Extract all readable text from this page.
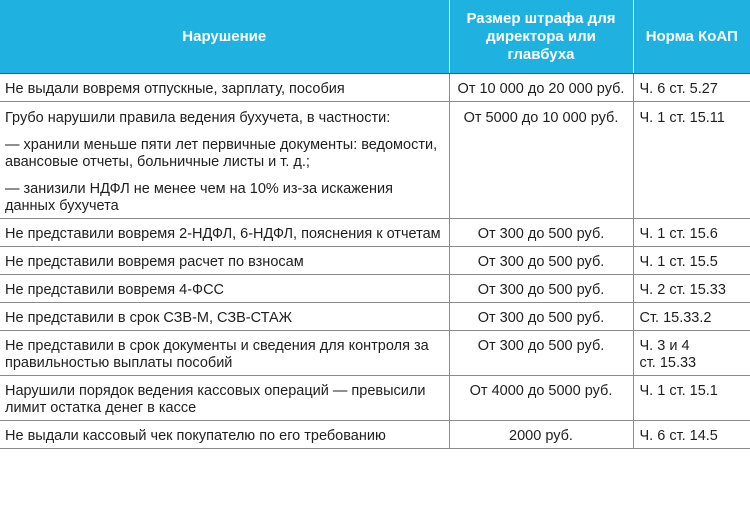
Нарушение	Размер штрафа для
директора или
главбуха	Норма КоАП

Не выдали вовремя отпускные, зарплату, пособия	От 10 000 до 20 000 руб.	Ч. 6 ст. 5.27

Грубо нарушили правила ведения бухучета, в частности:
— хранили меньше пяти лет первичные документы: ведомости, авансовые отчеты, больничные листы и т. д.;
— занизили НДФЛ не менее чем на 10% из-за искажения данных бухучета	От 5000 до 10 000 руб.	Ч. 1 ст. 15.11

Не представили вовремя 2-НДФЛ, 6-НДФЛ, пояснения к отчетам	От 300 до 500 руб.	Ч. 1 ст. 15.6

Не представили вовремя расчет по взносам	От 300 до 500 руб.	Ч. 1 ст. 15.5

Не представили вовремя 4-ФСС	От 300 до 500 руб.	Ч. 2 ст. 15.33

Не представили в срок СЗВ-М, СЗВ-СТАЖ	От 300 до 500 руб.	Ст. 15.33.2

Не представили в срок документы и сведения для контроля за правильностью выплаты пособий	От 300 до 500 руб.	Ч. 3 и 4
ст. 15.33

Нарушили порядок ведения кассовых операций — превысили лимит остатка денег в кассе	От 4000 до 5000 руб.	Ч. 1 ст. 15.1

Не выдали кассовый чек покупателю по его требованию	2000 руб.	Ч. 6 ст. 14.5
